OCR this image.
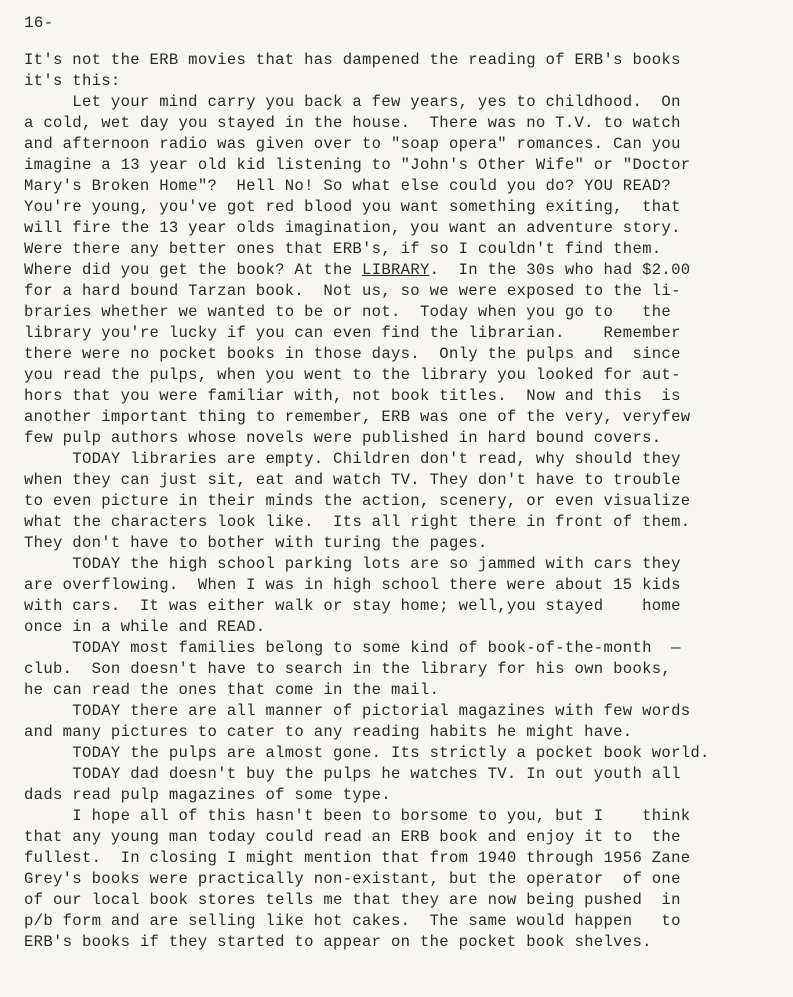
16-
It's not the ERB movies that has dampened the reading of ERB's books
it's this:
Let your mind carry you back a few years, yes to childhood.  On
a cold, wet day you stayed in the house.  There was no T.V. to watch
and afternoon radio was given over to "soap opera" romances. Can you
imagine a 13 year old kid listening to "John's Other Wife" or "Doctor
Mary's Broken Home"?  Hell No! So what else could you do? YOU READ?
You're young, you've got red blood you want something exiting,  that
will fire the 13 year olds imagination, you want an adventure story.
Were there any better ones that ERB's, if so I couldn't find them.
Where did you get the book? At the LIBRARY.  In the 30s who had $2.00
for a hard bound Tarzan book.  Not us, so we were exposed to the li-
braries whether we wanted to be or not.  Today when you go to   the
library you're lucky if you can even find the librarian.    Remember
there were no pocket books in those days.  Only the pulps and  since
you read the pulps, when you went to the library you looked for aut-
hors that you were familiar with, not book titles.  Now and this  is
another important thing to remember, ERB was one of the very, veryfew
few pulp authors whose novels were published in hard bound covers.
TODAY libraries are empty. Children don't read, why should they
when they can just sit, eat and watch TV. They don't have to trouble
to even picture in their minds the action, scenery, or even visualize
what the characters look like.  Its all right there in front of them.
They don't have to bother with turing the pages.
TODAY the high school parking lots are so jammed with cars they
are overflowing.  When I was in high school there were about 15 kids
with cars.  It was either walk or stay home; well,you stayed    home
once in a while and READ.
TODAY most families belong to some kind of book-of-the-month  —
club.  Son doesn't have to search in the library for his own books,
he can read the ones that come in the mail.
TODAY there are all manner of pictorial magazines with few words
and many pictures to cater to any reading habits he might have.
TODAY the pulps are almost gone. Its strictly a pocket book world.
TODAY dad doesn't buy the pulps he watches TV. In out youth all
dads read pulp magazines of some type.
I hope all of this hasn't been to borsome to you, but I    think
that any young man today could read an ERB book and enjoy it to  the
fullest.  In closing I might mention that from 1940 through 1956 Zane
Grey's books were practically non-existant, but the operator  of one
of our local book stores tells me that they are now being pushed  in
p/b form and are selling like hot cakes.  The same would happen   to
ERB's books if they started to appear on the pocket book shelves.
